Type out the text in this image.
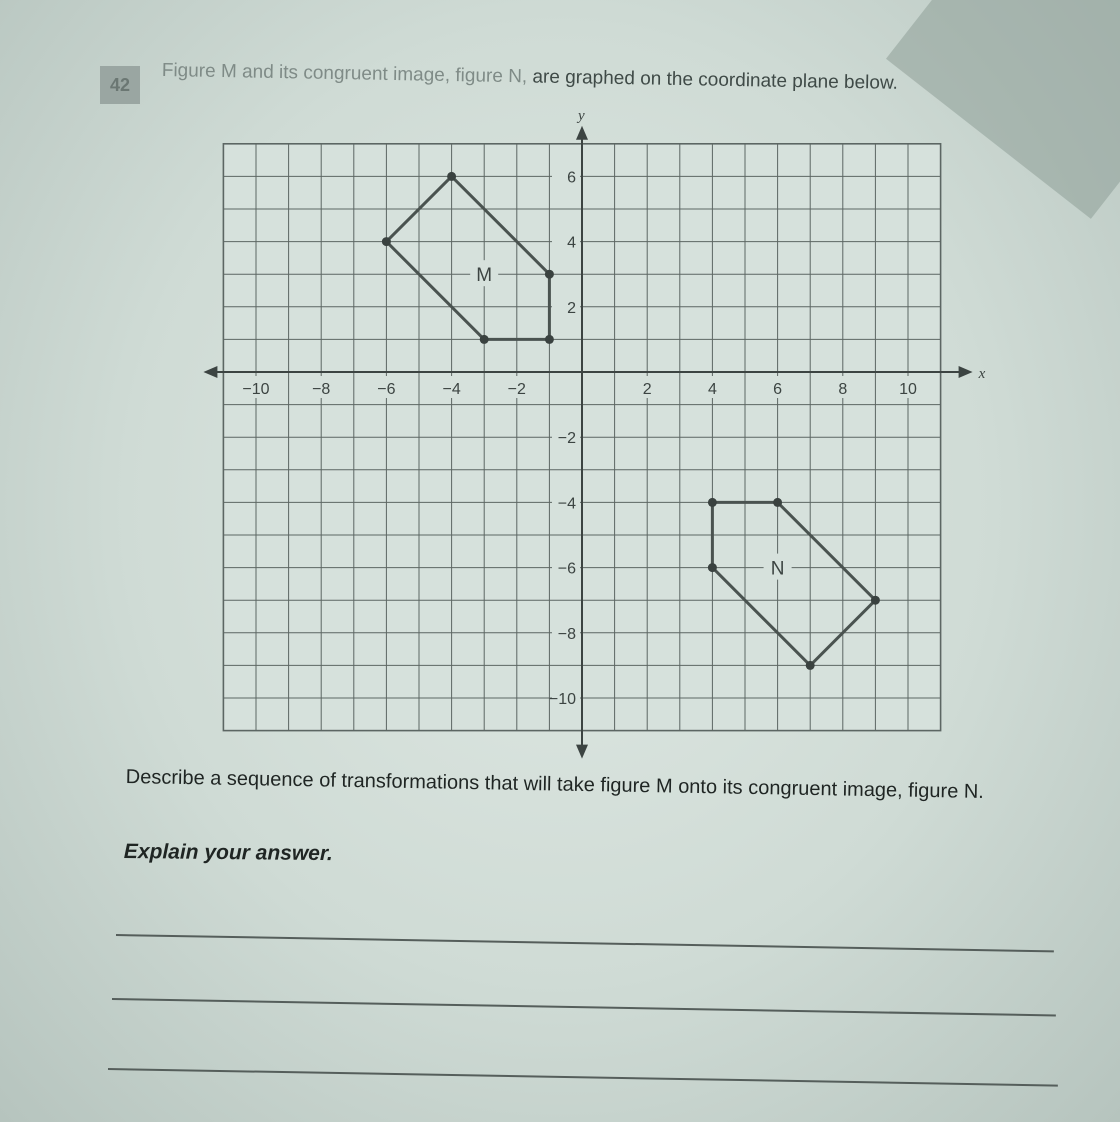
42	Figure M and its congruent image, figure N, are graphed on the coordinate plane below.
x
y
−10	−8	−6	−4	−2	2	4	6	8	10
6
4
2
−2
−4
−6
−8
−10
M
N
Describe a sequence of transformations that will take figure M onto its congruent image, figure N.
Explain your answer.
